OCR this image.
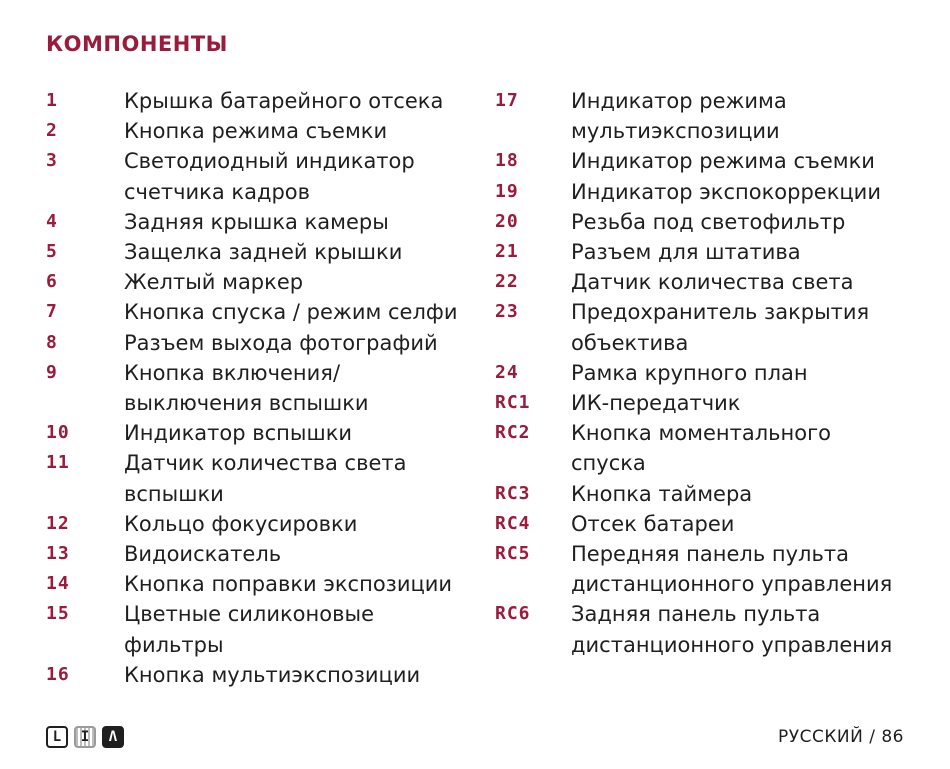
КОМПОНЕНТЫ
1	Крышка батарейного отсека
2	Кнопка режима съемки
3	Светодиодный индикатор счетчика кадров
4	Задняя крышка камеры
5	Защелка задней крышки
6	Желтый маркер
7	Кнопка спуска / режим селфи
8	Разъем выхода фотографий
9	Кнопка включения/ выключения вспышки
10	Индикатор вспышки
11	Датчик количества света вспышки
12	Кольцо фокусировки
13	Видоискатель
14	Кнопка поправки экспозиции
15	Цветные силиконовые фильтры
16	Кнопка мультиэкспозиции
17	Индикатор режима мультиэкспозиции
18	Индикатор режима съемки
19	Индикатор экспокоррекции
20	Резьба под светофильтр
21	Разъем для штатива
22	Датчик количества света
23	Предохранитель закрытия объектива
24	Рамка крупного план
RC1	ИК-передатчик
RC2	Кнопка моментального спуска
RC3	Кнопка таймера
RC4	Отсек батареи
RC5	Передняя панель пульта дистанционного управления
RC6	Задняя панель пульта дистанционного управления
L I Λ	РУССКИЙ / 86
